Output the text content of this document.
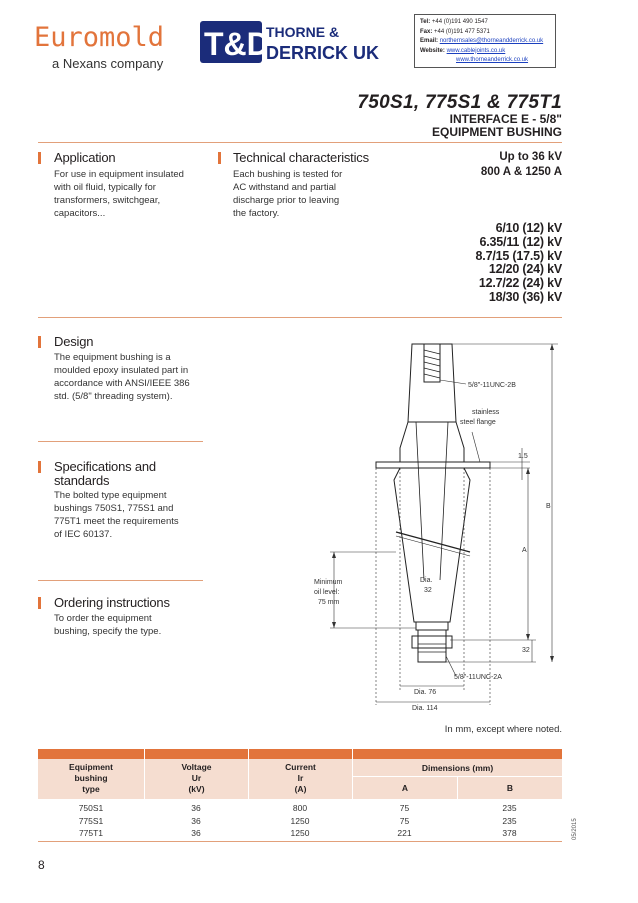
Euromold
a Nexans company
T&D
THORNE &
DERRICK UK
Tel: +44 (0)191 490 1547
Fax: +44 (0)191 477 5371
Email: northernsales@thorneandderrick.co.uk
Website: www.cablejoints.co.uk
www.thorneanderrick.co.uk
750S1, 775S1 & 775T1
INTERFACE E - 5/8"
EQUIPMENT BUSHING
Application
For use in equipment insulated
with oil fluid, typically for
transformers, switchgear,
capacitors...
Technical characteristics
Each bushing is tested for
AC withstand and partial
discharge prior to leaving
the factory.
Up to 36 kV
800 A & 1250 A
6/10 (12) kV
6.35/11 (12) kV
8.7/15 (17.5) kV
12/20 (24) kV
12.7/22 (24) kV
18/30 (36) kV
Design
The equipment bushing is a
moulded epoxy insulated part in
accordance with ANSI/IEEE 386
std. (5/8" threading system).
Specifications and
standards
The bolted type equipment
bushings 750S1, 775S1 and
775T1 meet the requirements
of IEC 60137.
Ordering instructions
To order the equipment
bushing, specify the type.
5/8"-11UNC-2B
stainless
steel flange
1.5
B
A
Dia.
32
Minimum
oil level:
75 mm
32
5/8"-11UNC-2A
Dia. 76
Dia. 114
In mm, except where noted.
Equipment
bushing
type
Voltage
Ur
(kV)
Current
Ir
(A)
Dimensions (mm)
A	B
750S1	36	800	75	235
775S1	36	1250	75	235
775T1	36	1250	221	378	05/2015
8
